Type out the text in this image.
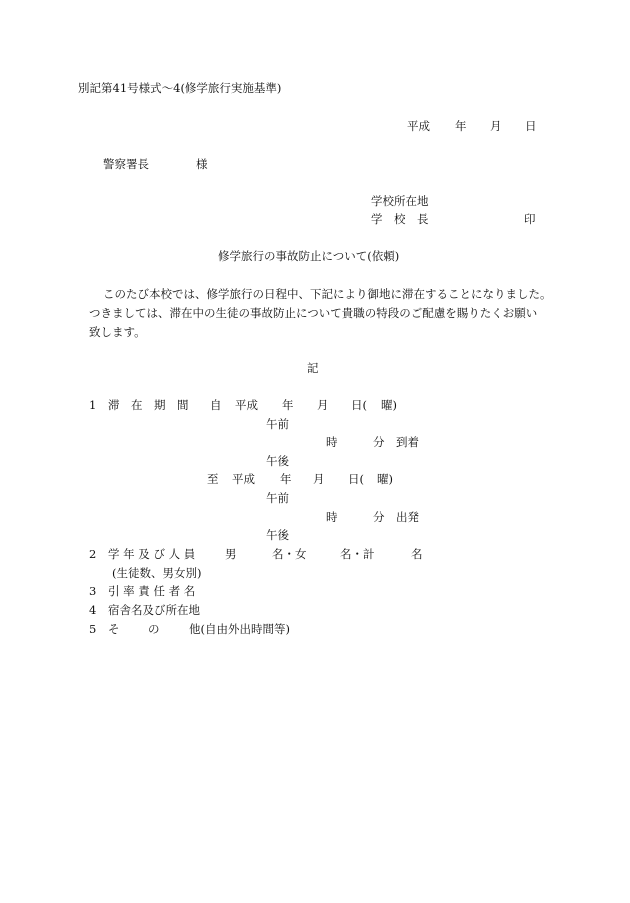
別記第41号様式〜4(修学旅行実施基準)
平成 年 月 日
警察署長	様
学校所在地
学　校　長	印
修学旅行の事故防止について(依頼)
このたび本校では、修学旅行の日程中、下記により御地に滞在することになりました。
つきましては、滞在中の生徒の事故防止について貴職の特段のご配慮を賜りたくお願い
致します。
記
1 滞　在　期　間 自 平成 年 月 日( 曜)
午前
時	分 到着
午後
至 平成 年 月 日( 曜)
午前
時	分 出発
午後
2 学 年 及 び 人 員	男	名・女	名・計	名
(生徒数、男女別)
3 引 率 責 任 者 名
4 宿舎名及び所在地
5 そ の	他(自由外出時間等)
